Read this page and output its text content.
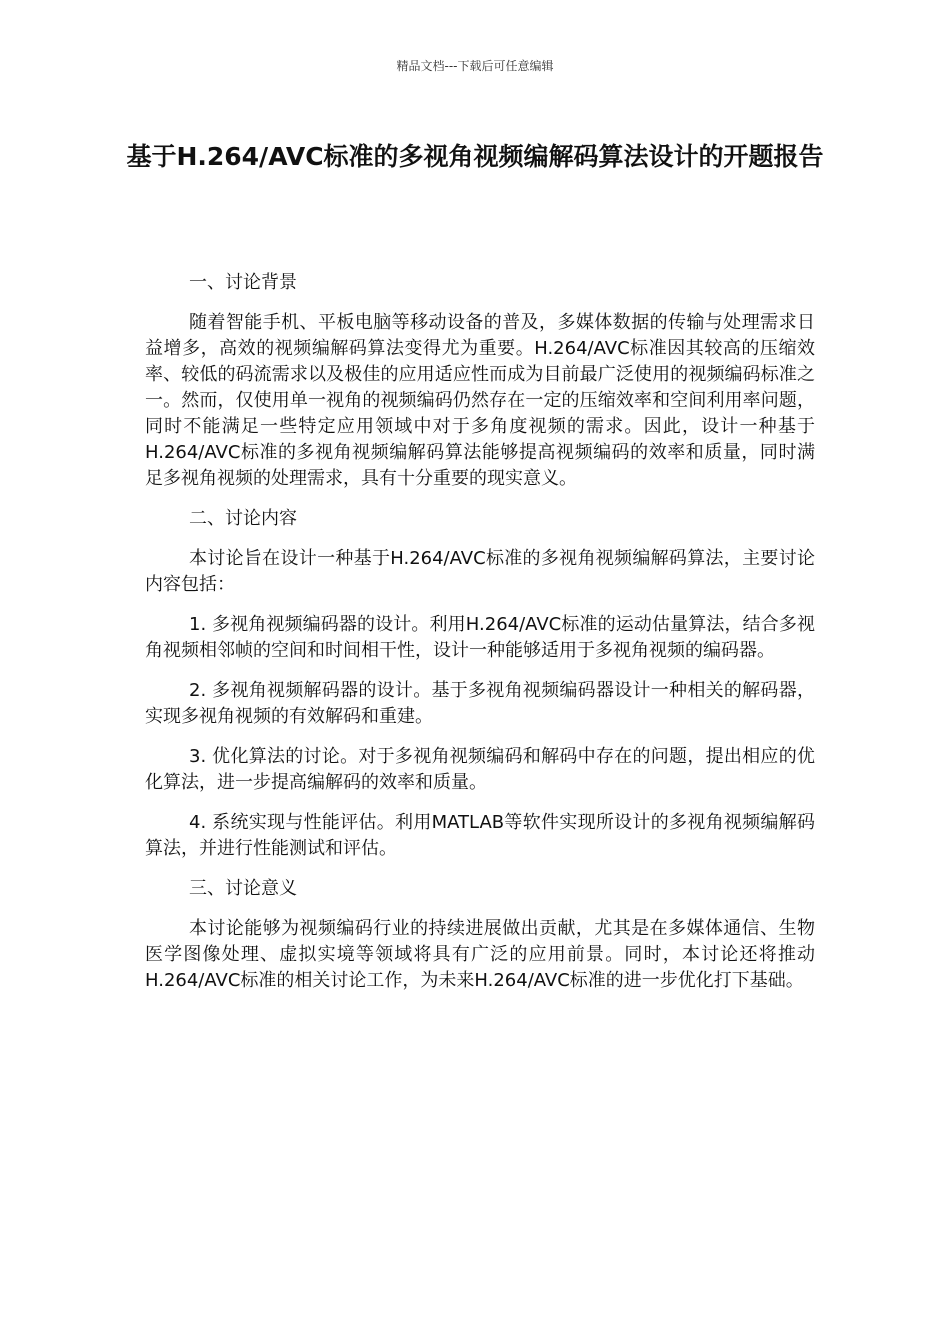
精品文档---下载后可任意编辑
基于H.264/AVC标准的多视角视频编解码算法设计的开题报告

一、讨论背景

随着智能手机、平板电脑等移动设备的普及，多媒体数据的传输与处理需求日益增多，高效的视频编解码算法变得尤为重要。H.264/AVC标准因其较高的压缩效率、较低的码流需求以及极佳的应用适应性而成为目前最广泛使用的视频编码标准之一。然而，仅使用单一视角的视频编码仍然存在一定的压缩效率和空间利用率问题，同时不能满足一些特定应用领域中对于多角度视频的需求。因此，设计一种基于H.264/AVC标准的多视角视频编解码算法能够提高视频编码的效率和质量，同时满足多视角视频的处理需求，具有十分重要的现实意义。

二、讨论内容

本讨论旨在设计一种基于H.264/AVC标准的多视角视频编解码算法，主要讨论内容包括：

1. 多视角视频编码器的设计。利用H.264/AVC标准的运动估量算法，结合多视角视频相邻帧的空间和时间相干性，设计一种能够适用于多视角视频的编码器。

2. 多视角视频解码器的设计。基于多视角视频编码器设计一种相关的解码器，实现多视角视频的有效解码和重建。

3. 优化算法的讨论。对于多视角视频编码和解码中存在的问题，提出相应的优化算法，进一步提高编解码的效率和质量。

4. 系统实现与性能评估。利用MATLAB等软件实现所设计的多视角视频编解码算法，并进行性能测试和评估。

三、讨论意义

本讨论能够为视频编码行业的持续进展做出贡献，尤其是在多媒体通信、生物医学图像处理、虚拟实境等领域将具有广泛的应用前景。同时，本讨论还将推动H.264/AVC标准的相关讨论工作，为未来H.264/AVC标准的进一步优化打下基础。
